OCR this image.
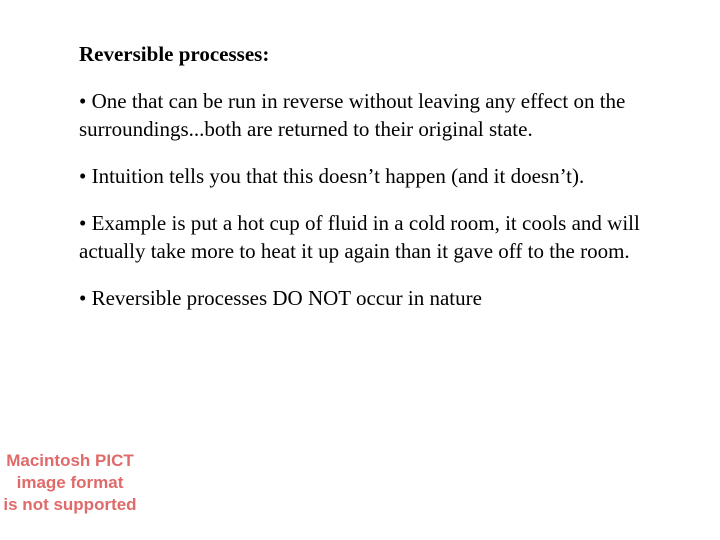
Reversible processes:
• One that can be run in reverse without leaving any effect on the surroundings...both are returned to their original state.
• Intuition tells you that this doesn’t happen (and it doesn’t).
• Example is put a hot cup of fluid in a cold room, it cools and will actually take more to heat it up again than it gave off to the room.
• Reversible processes DO NOT occur in nature
Macintosh PICT
image format
is not supported
